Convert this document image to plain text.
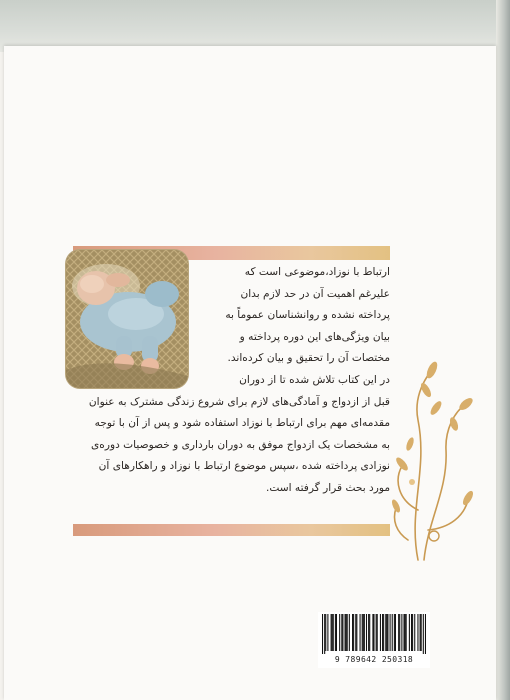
ارتباط با نوزاد،موضوعی است که

علیرغم اهمیت آن در حد لازم بدان

پرداخته نشده و روانشناسان عموماً به

بیان ویژگی‌های این دوره پرداخته و

مختصات آن را تحقیق و بیان کرده‌اند.

در این کتاب تلاش شده تا از دوران

قبل از ازدواج و آمادگی‌های لازم برای شروع زندگی مشترک به عنوان

مقدمه‌ای مهم برای ارتباط با نوزاد استفاده شود و پس از آن با توجه

به مشخصات یک ازدواج موفق به دوران بارداری و خصوصیات دوره‌ی

نوزادی پرداخته شده ،سپس موضوع ارتباط با نوزاد و راهکارهای آن

مورد بحث قرار گرفته است.

9 789642 250318
